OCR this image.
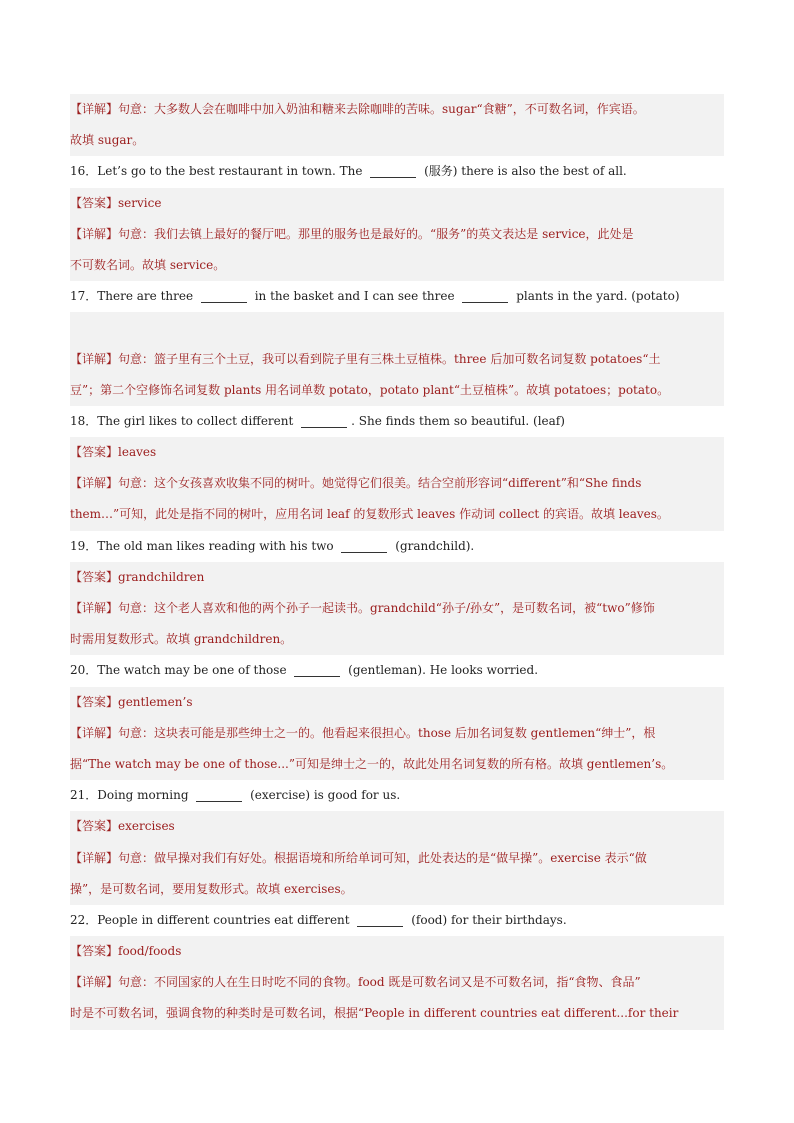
【详解】句意：大多数人会在咖啡中加入奶油和糖来去除咖啡的苦味。sugar“食糖”，不可数名词，作宾语。
故填 sugar。
16．Let’s go to the best restaurant in town. The	(服务) there is also the best of all.
【答案】service
【详解】句意：我们去镇上最好的餐厅吧。那里的服务也是最好的。“服务”的英文表达是 service，此处是
不可数名词。故填 service。
17．There are three	in the basket and I can see three	plants in the yard. (potato)

【详解】句意：篮子里有三个土豆，我可以看到院子里有三株土豆植株。three 后加可数名词复数 potatoes“土
豆”；第二个空修饰名词复数 plants 用名词单数 potato，potato plant“土豆植株”。故填 potatoes；potato。
18．The girl likes to collect different	. She finds them so beautiful. (leaf)
【答案】leaves
【详解】句意：这个女孩喜欢收集不同的树叶。她觉得它们很美。结合空前形容词“different”和“She finds
them…”可知，此处是指不同的树叶，应用名词 leaf 的复数形式 leaves 作动词 collect 的宾语。故填 leaves。
19．The old man likes reading with his two	(grandchild).
【答案】grandchildren
【详解】句意：这个老人喜欢和他的两个孙子一起读书。grandchild“孙子/孙女”，是可数名词，被“two”修饰
时需用复数形式。故填 grandchildren。
20．The watch may be one of those	(gentleman). He looks worried.
【答案】gentlemen’s
【详解】句意：这块表可能是那些绅士之一的。他看起来很担心。those 后加名词复数 gentlemen“绅士”，根
据“The watch may be one of those...”可知是绅士之一的，故此处用名词复数的所有格。故填 gentlemen’s。
21．Doing morning	(exercise) is good for us.
【答案】exercises
【详解】句意：做早操对我们有好处。根据语境和所给单词可知，此处表达的是“做早操”。exercise 表示“做
操”，是可数名词，要用复数形式。故填 exercises。
22．People in different countries eat different	(food) for their birthdays.
【答案】food/foods
【详解】句意：不同国家的人在生日时吃不同的食物。food 既是可数名词又是不可数名词，指“食物、食品”
时是不可数名词，强调食物的种类时是可数名词，根据“People in different countries eat different...for their
